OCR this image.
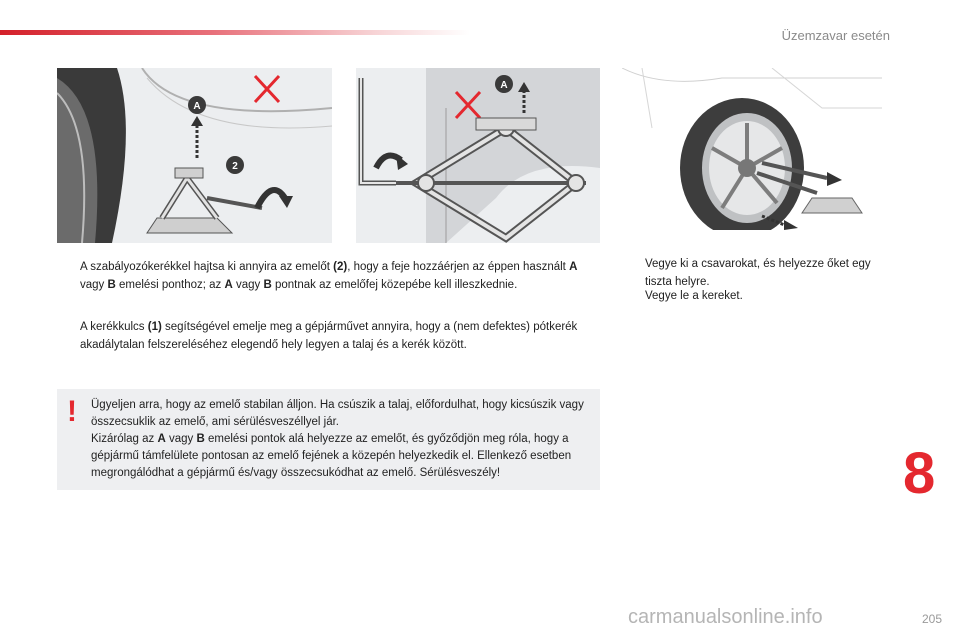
Üzemzavar esetén
A
2
A
A szabályozókerékkel hajtsa ki annyira az emelőt (2), hogy a feje hozzáérjen az éppen használt A vagy B emelési ponthoz; az A vagy B pontnak az emelőfej közepébe kell illeszkednie.
A kerékkulcs (1) segítségével emelje meg a gépjárművet annyira, hogy a (nem defektes) pótkerék akadálytalan felszereléséhez elegendő hely legyen a talaj és a kerék között.
Vegye ki a csavarokat, és helyezze őket egy tiszta helyre.
Vegye le a kereket.
! Ügyeljen arra, hogy az emelő stabilan álljon. Ha csúszik a talaj, előfordulhat, hogy kicsúszik vagy összecsuklik az emelő, ami sérülésveszéllyel jár.
Kizárólag az A vagy B emelési pontok alá helyezze az emelőt, és győződjön meg róla, hogy a gépjármű támfelülete pontosan az emelő fejének a közepén helyezkedik el. Ellenkező esetben megrongálódhat a gépjármű és/vagy összecsukódhat az emelő. Sérülésveszély!	8
carmanualsonline.info	205
